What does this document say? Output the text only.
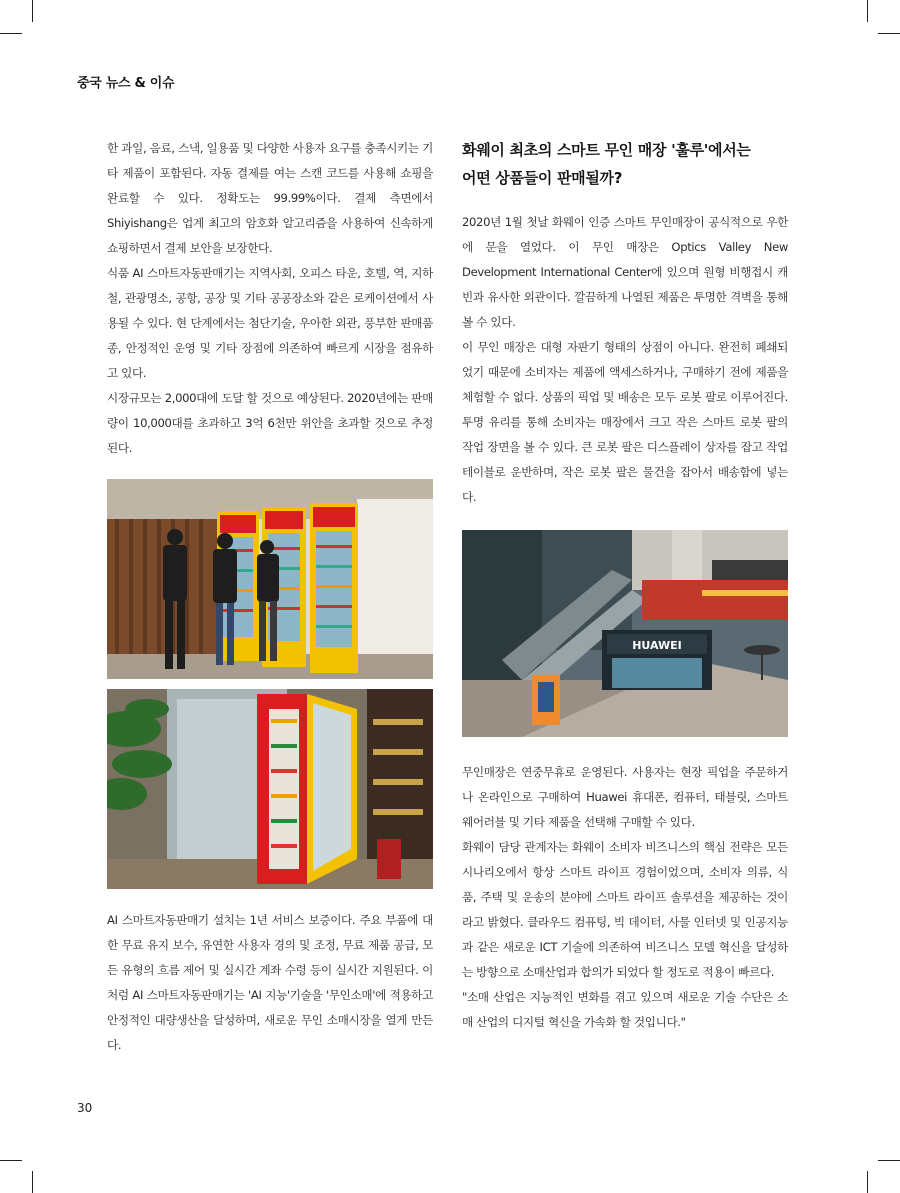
중국 뉴스 & 이슈

한 과일, 음료, 스낵, 일용품 및 다양한 사용자 요구를 충족시키는 기타 제품이 포함된다. 자동 결제를 여는 스캔 코드를 사용해 쇼핑을 완료할 수 있다. 정확도는 99.99%이다. 결제 측면에서 Shiyishang은 업계 최고의 암호화 알고리즘을 사용하여 신속하게 쇼핑하면서 결제 보안을 보장한다.

식품 AI 스마트자동판매기는 지역사회, 오피스 타운, 호텔, 역, 지하철, 관광명소, 공항, 공장 및 기타 공공장소와 같은 로케이션에서 사용될 수 있다. 현 단계에서는 첨단기술, 우아한 외관, 풍부한 판매품종, 안정적인 운영 및 기타 장점에 의존하여 빠르게 시장을 점유하고 있다.

시장규모는 2,000대에 도달 할 것으로 예상된다. 2020년에는 판매량이 10,000대를 초과하고 3억 6천만 위안을 초과할 것으로 추정된다.

AI 스마트자동판매기 설치는 1년 서비스 보증이다. 주요 부품에 대한 무료 유지 보수, 유연한 사용자 경의 및 조정, 무료 제품 공급, 모든 유형의 흐름 제어 및 실시간 계좌 수령 등이 실시간 지원된다. 이처럼 AI 스마트자동판매기는 'AI 지능'기술을 '무인소매'에 적용하고 안정적인 대량생산을 달성하며, 새로운 무인 소매시장을 열게 만든다.

화웨이 최초의 스마트 무인 매장 '훌루'에서는
어떤 상품들이 판매될까?

2020년 1월 첫날 화웨이 인증 스마트 무인매장이 공식적으로 우한에 문을 열었다. 이 무인 매장은 Optics Valley New Development International Center에 있으며 원형 비행접시 캐빈과 유사한 외관이다. 깔끔하게 나열된 제품은 투명한 격벽을 통해 볼 수 있다.

이 무인 매장은 대형 자판기 형태의 상점이 아니다. 완전히 폐쇄되었기 때문에 소비자는 제품에 액세스하거나, 구매하기 전에 제품을 체험할 수 없다. 상품의 픽업 및 배송은 모두 로봇 팔로 이루어진다. 투명 유리를 통해 소비자는 매장에서 크고 작은 스마트 로봇 팔의 작업 장면을 볼 수 있다. 큰 로봇 팔은 디스플레이 상자를 잡고 작업 테이블로 운반하며, 작은 로봇 팔은 물건을 잡아서 배송함에 넣는다.

HUAWEI

무인매장은 연중무휴로 운영된다. 사용자는 현장 픽업을 주문하거나 온라인으로 구매하여 Huawei 휴대폰, 컴퓨터, 태블릿, 스마트 웨어러블 및 기타 제품을 선택해 구매할 수 있다.

화웨이 담당 관계자는 화웨이 소비자 비즈니스의 핵심 전략은 모든 시나리오에서 항상 스마트 라이프 경험이었으며, 소비자 의류, 식품, 주택 및 운송의 분야에 스마트 라이프 솔루션을 제공하는 것이라고 밝혔다. 클라우드 컴퓨팅, 빅 데이터, 사물 인터넷 및 인공지능과 같은 새로운 ICT 기술에 의존하여 비즈니스 모델 혁신을 달성하는 방향으로 소매산업과 합의가 되었다 할 정도로 적용이 빠르다.

"소매 산업은 지능적인 변화를 겪고 있으며 새로운 기술 수단은 소매 산업의 디지털 혁신을 가속화 할 것입니다."

30
